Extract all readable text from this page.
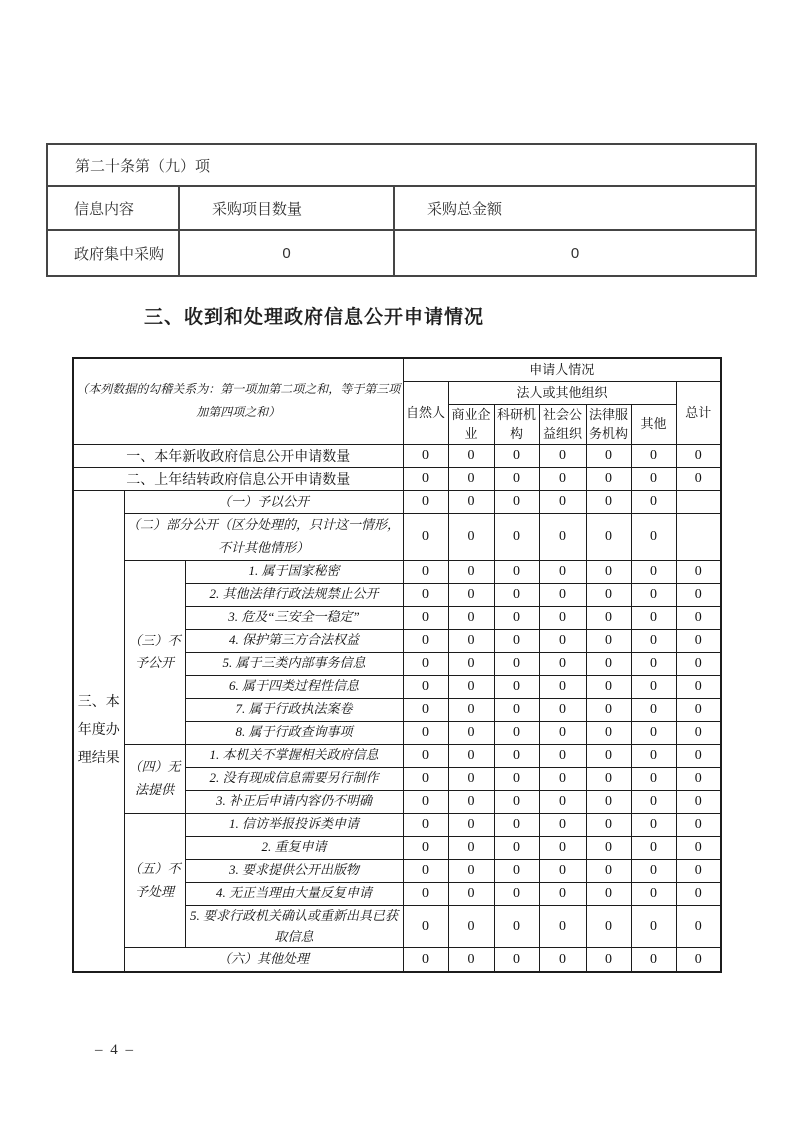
第二十条第（九）项		
信息内容	采购项目数量	采购总金额
政府集中采购	0	0
三、收到和处理政府信息公开申请情况
（本列数据的勾稽关系为：第一项加第二项之和，等于第三项加第四项之和）			申请人情况						
			自然人	法人或其他组织					总计
				商业企业	科研机构	社会公益组织	法律服务机构	其他	
一、本年新收政府信息公开申请数量			0	0	0	0	0	0	0
二、上年结转政府信息公开申请数量			0	0	0	0	0	0	0
三、本年度办理结果	（一）予以公开		0	0	0	0	0	0	
	（二）部分公开（区分处理的，只计这一情形，不计其他情形）		0	0	0	0	0	0	
	（三）不予公开	1. 属于国家秘密	0	0	0	0	0	0	0
		2. 其他法律行政法规禁止公开	0	0	0	0	0	0	0
		3. 危及“三安全一稳定”	0	0	0	0	0	0	0
		4. 保护第三方合法权益	0	0	0	0	0	0	0
		5. 属于三类内部事务信息	0	0	0	0	0	0	0
		6. 属于四类过程性信息	0	0	0	0	0	0	0
		7. 属于行政执法案卷	0	0	0	0	0	0	0
		8. 属于行政查询事项	0	0	0	0	0	0	0
	（四）无法提供	1. 本机关不掌握相关政府信息	0	0	0	0	0	0	0
		2. 没有现成信息需要另行制作	0	0	0	0	0	0	0
		3. 补正后申请内容仍不明确	0	0	0	0	0	0	0
	（五）不予处理	1. 信访举报投诉类申请	0	0	0	0	0	0	0
		2. 重复申请	0	0	0	0	0	0	0
		3. 要求提供公开出版物	0	0	0	0	0	0	0
		4. 无正当理由大量反复申请	0	0	0	0	0	0	0
		5. 要求行政机关确认或重新出具已获取信息	0	0	0	0	0	0	0
	（六）其他处理		0	0	0	0	0	0	0
– 4 –
